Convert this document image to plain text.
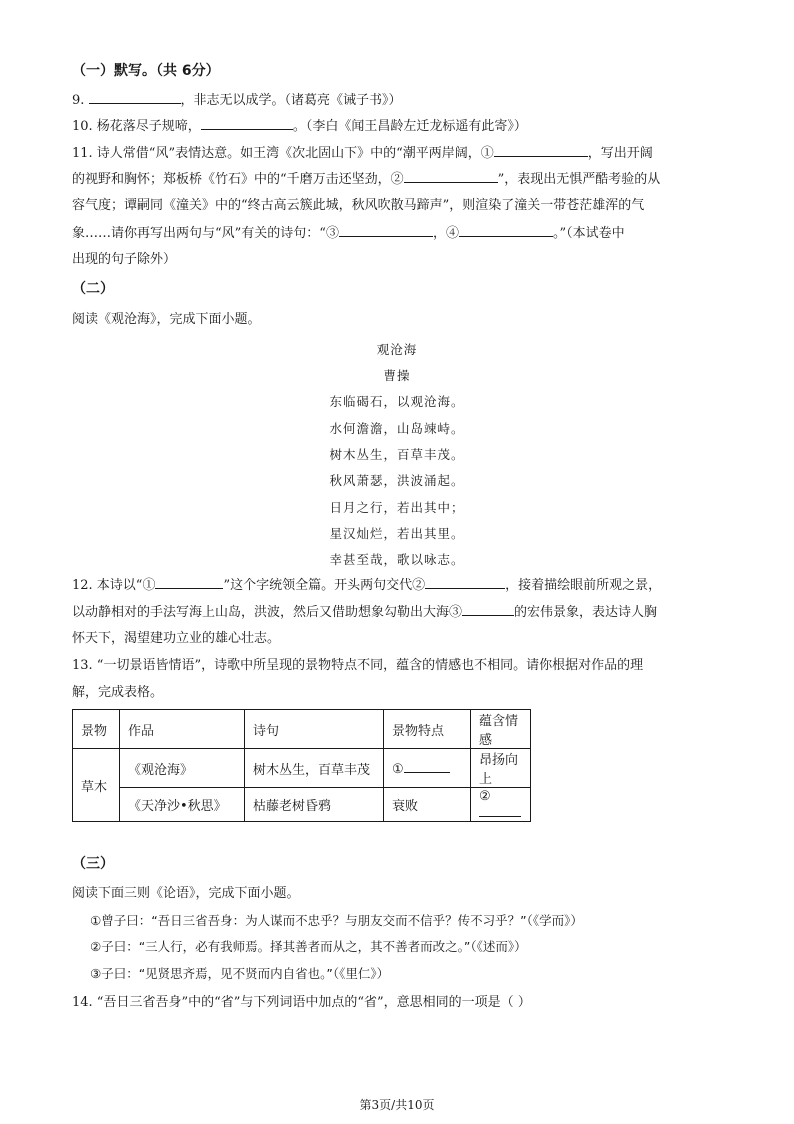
（一）默写。（共 6分）
9.	，非志无以成学。（诸葛亮《诫子书》）
10. 杨花落尽子规啼，	。（李白《闻王昌龄左迁龙标遥有此寄》）
11. 诗人常借“风”表情达意。如王湾《次北固山下》中的“潮平两岸阔，①	，写出开阔
的视野和胸怀；郑板桥《竹石》中的“千磨万击还坚劲，②	”，表现出无惧严酷考验的从
容气度；谭嗣同《潼关》中的“终古高云簇此城，秋风吹散马蹄声”，则渲染了潼关一带苍茫雄浑的气
象……请你再写出两句与“风”有关的诗句：“③	，④	。”（本试卷中
出现的句子除外）
（二）
阅读《观沧海》，完成下面小题。
观沧海
曹操
东临碣石，以观沧海。
水何澹澹，山岛竦峙。
树木丛生，百草丰茂。
秋风萧瑟，洪波涌起。
日月之行，若出其中；
星汉灿烂，若出其里。
幸甚至哉，歌以咏志。
12. 本诗以“①	”这个字统领全篇。开头两句交代②	，接着描绘眼前所观之景，
以动静相对的手法写海上山岛，洪波，然后又借助想象勾勒出大海③	的宏伟景象，表达诗人胸
怀天下，渴望建功立业的雄心壮志。
13. “一切景语皆情语”，诗歌中所呈现的景物特点不同，蕴含的情感也不相同。请你根据对作品的理
解，完成表格。
景物	作品	诗句	景物特点	蕴含情感
草木	《观沧海》	树木丛生，百草丰茂	①	昂扬向上
	《天净沙•秋思》	枯藤老树昏鸦	衰败	②
（三）
阅读下面三则《论语》，完成下面小题。
①曾子曰：“吾日三省吾身：为人谋而不忠乎？与朋友交而不信乎？传不习乎？”（《学而》）
②子曰：“三人行，必有我师焉。择其善者而从之，其不善者而改之。”（《述而》）
③子曰：“见贤思齐焉，见不贤而内自省也。”（《里仁》）
14. “吾日三省吾身”中的“省”与下列词语中加点的“省”，意思相同的一项是（ ）
第3页/共10页
